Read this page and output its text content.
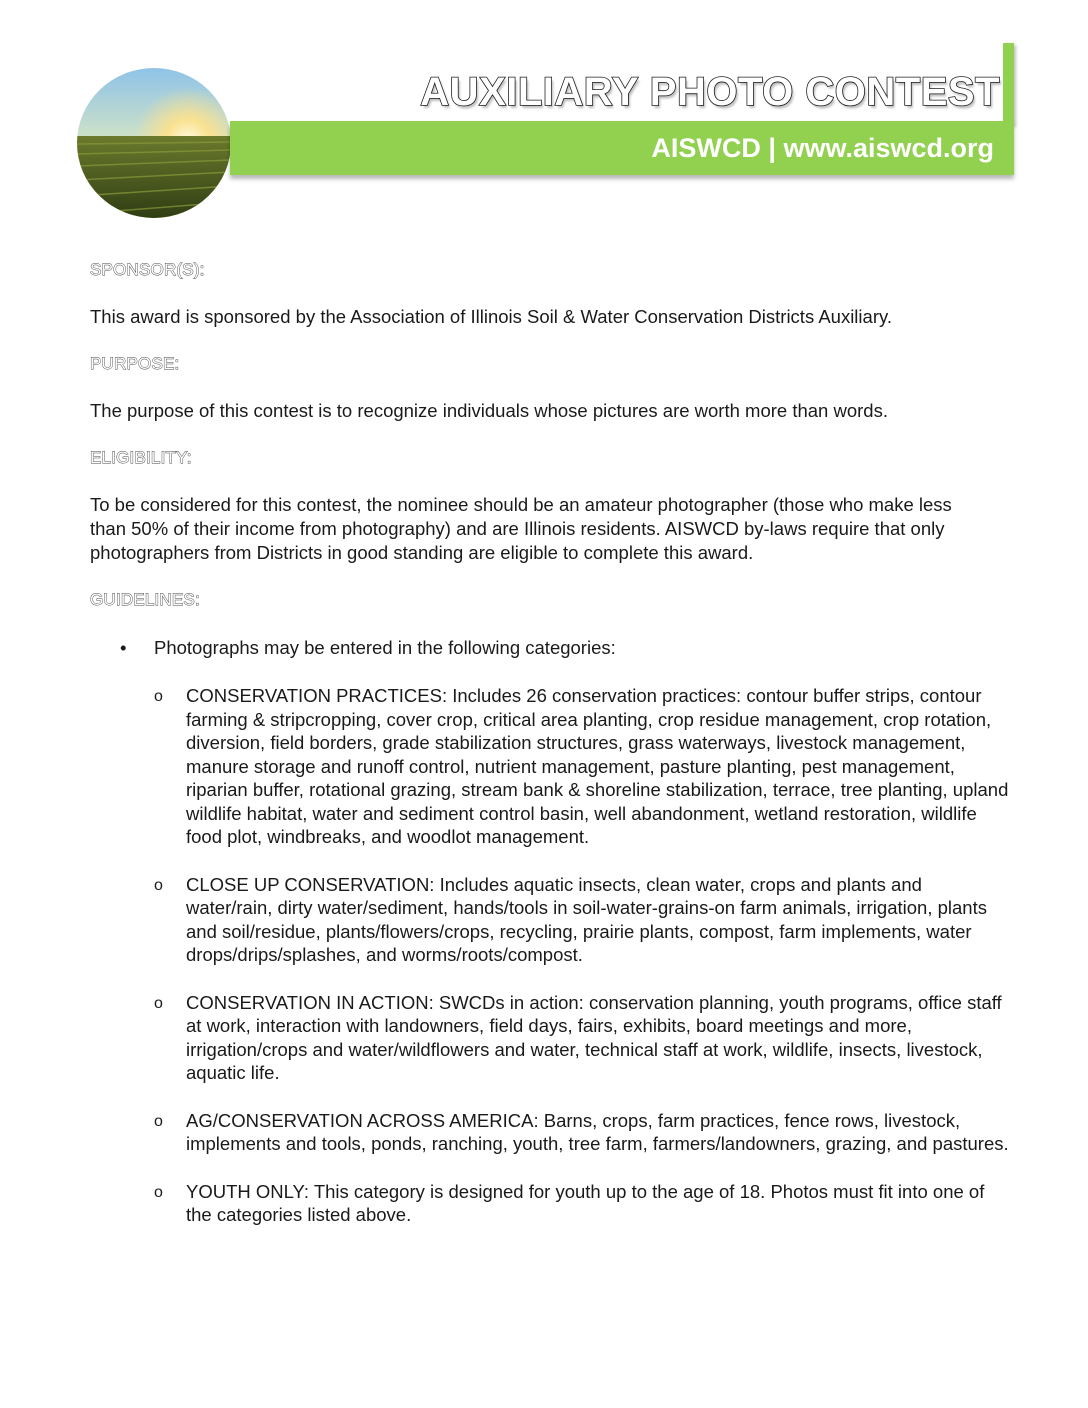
AUXILIARY PHOTO CONTEST
AISWCD | www.aiswcd.org

SPONSOR(S):

This award is sponsored by the Association of Illinois Soil & Water Conservation Districts Auxiliary.

PURPOSE:

The purpose of this contest is to recognize individuals whose pictures are worth more than words.

ELIGIBILITY:

To be considered for this contest, the nominee should be an amateur photographer (those who make less than 50% of their income from photography) and are Illinois residents. AISWCD by-laws require that only photographers from Districts in good standing are eligible to complete this award.

GUIDELINES:

• Photographs may be entered in the following categories:
o CONSERVATION PRACTICES: Includes 26 conservation practices: contour buffer strips, contour farming & stripcropping, cover crop, critical area planting, crop residue management, crop rotation, diversion, field borders, grade stabilization structures, grass waterways, livestock management, manure storage and runoff control, nutrient management, pasture planting, pest management, riparian buffer, rotational grazing, stream bank & shoreline stabilization, terrace, tree planting, upland wildlife habitat, water and sediment control basin, well abandonment, wetland restoration, wildlife food plot, windbreaks, and woodlot management.
o CLOSE UP CONSERVATION: Includes aquatic insects, clean water, crops and plants and water/rain, dirty water/sediment, hands/tools in soil-water-grains-on farm animals, irrigation, plants and soil/residue, plants/flowers/crops, recycling, prairie plants, compost, farm implements, water drops/drips/splashes, and worms/roots/compost.
o CONSERVATION IN ACTION: SWCDs in action: conservation planning, youth programs, office staff at work, interaction with landowners, field days, fairs, exhibits, board meetings and more, irrigation/crops and water/wildflowers and water, technical staff at work, wildlife, insects, livestock, aquatic life.
o AG/CONSERVATION ACROSS AMERICA: Barns, crops, farm practices, fence rows, livestock, implements and tools, ponds, ranching, youth, tree farm, farmers/landowners, grazing, and pastures.
o YOUTH ONLY: This category is designed for youth up to the age of 18. Photos must fit into one of the categories listed above.
